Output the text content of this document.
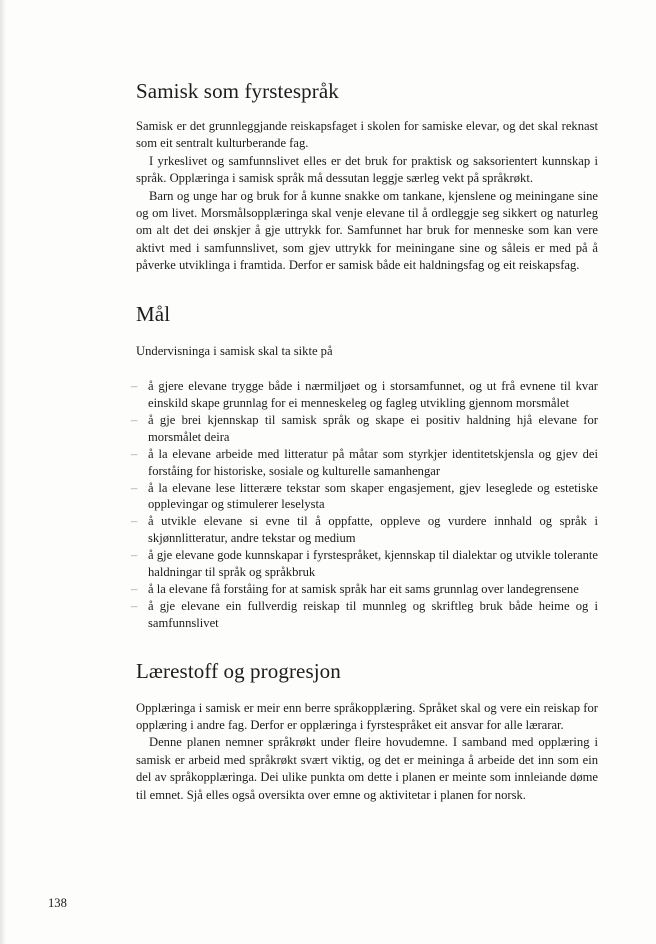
Samisk som fyrstespråk

Samisk er det grunnleggjande reiskapsfaget i skolen for samiske elevar, og det skal reknast som eit sentralt kulturberande fag.

I yrkeslivet og samfunnslivet elles er det bruk for praktisk og saksorientert kunnskap i språk. Opplæringa i samisk språk må dessutan leggje særleg vekt på språkrøkt.

Barn og unge har og bruk for å kunne snakke om tankane, kjenslene og meiningane sine og om livet. Morsmålsopplæringa skal venje elevane til å ordleggje seg sikkert og naturleg om alt det dei ønskjer å gje uttrykk for. Samfunnet har bruk for menneske som kan vere aktivt med i samfunnslivet, som gjev uttrykk for meiningane sine og såleis er med på å påverke utviklinga i framtida. Derfor er samisk både eit haldningsfag og eit reiskapsfag.

Mål

Undervisninga i samisk skal ta sikte på

– å gjere elevane trygge både i nærmiljøet og i storsamfunnet, og ut frå evnene til kvar einskild skape grunnlag for ei menneskeleg og fagleg utvikling gjennom morsmålet
– å gje brei kjennskap til samisk språk og skape ei positiv haldning hjå elevane for morsmålet deira
– å la elevane arbeide med litteratur på måtar som styrkjer identitetskjensla og gjev dei forståing for historiske, sosiale og kulturelle samanhengar
– å la elevane lese litterære tekstar som skaper engasjement, gjev leseglede og estetiske opplevingar og stimulerer leselysta
– å utvikle elevane si evne til å oppfatte, oppleve og vurdere innhald og språk i skjønnlitteratur, andre tekstar og medium
– å gje elevane gode kunnskapar i fyrstespråket, kjennskap til dialektar og utvikle tolerante haldningar til språk og språkbruk
– å la elevane få forståing for at samisk språk har eit sams grunnlag over landegrensene
– å gje elevane ein fullverdig reiskap til munnleg og skriftleg bruk både heime og i samfunnslivet
Lærestoff og progresjon

Opplæringa i samisk er meir enn berre språkopplæring. Språket skal og vere ein reiskap for opplæring i andre fag. Derfor er opplæringa i fyrstespråket eit ansvar for alle lærarar.

Denne planen nemner språkrøkt under fleire hovudemne. I samband med opplæring i samisk er arbeid med språkrøkt svært viktig, og det er meininga å arbeide det inn som ein del av språkopplæringa. Dei ulike punkta om dette i planen er meinte som innleiande døme til emnet. Sjå elles også oversikta over emne og aktivitetar i planen for norsk.

138
